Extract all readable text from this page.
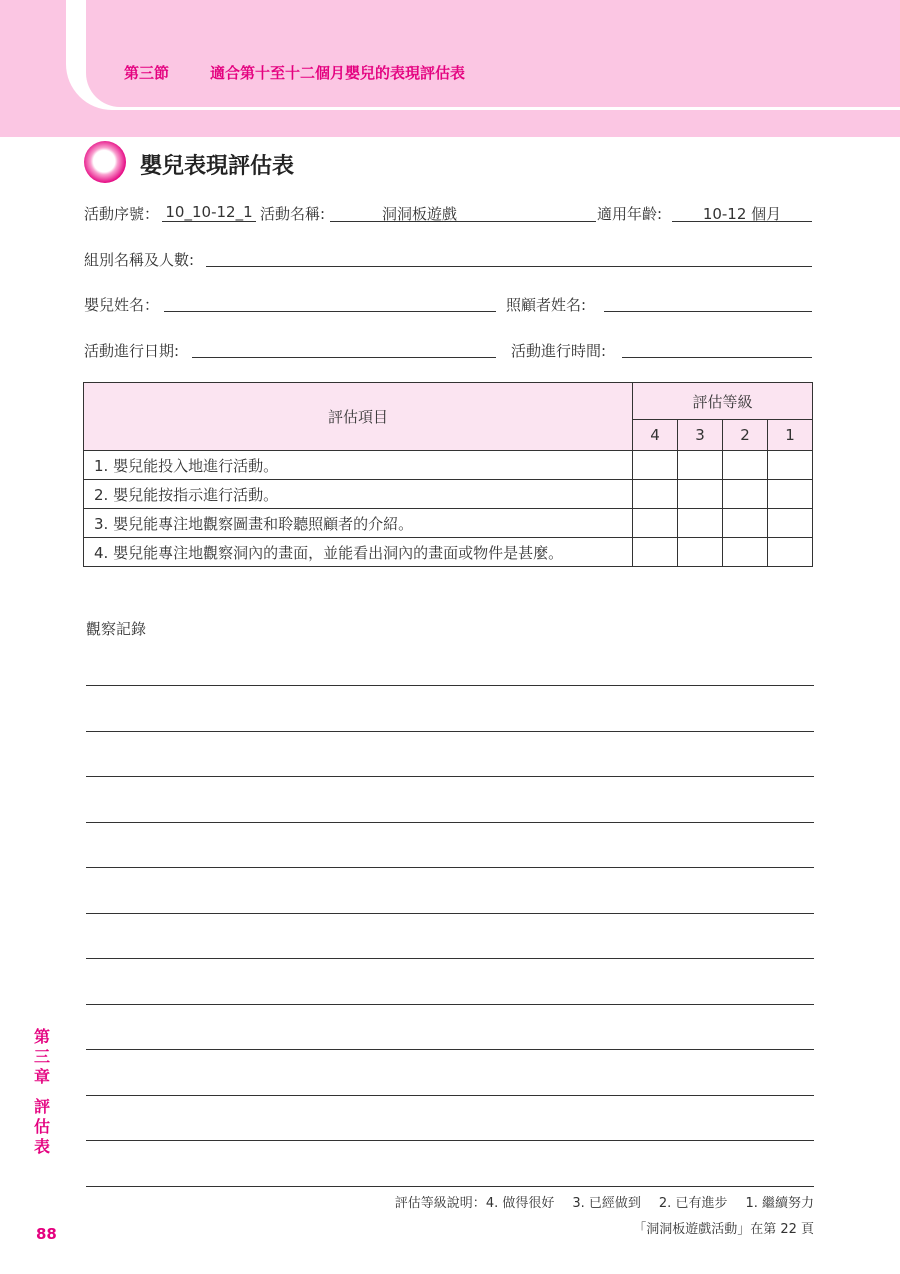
第三節	適合第十至十二個月嬰兒的表現評估表
嬰兒表現評估表
活動序號： 10_10-12_1 活動名稱:	洞洞板遊戲	適用年齡:	10-12 個月
組別名稱及人數:
嬰兒姓名：	照顧者姓名:
活動進行日期:	活動進行時間:
評估項目	評估等級			
	4	3	2	1
1. 嬰兒能投入地進行活動。				
2. 嬰兒能按指示進行活動。				
3. 嬰兒能專注地觀察圖畫和聆聽照顧者的介紹。				
4. 嬰兒能專注地觀察洞內的畫面，並能看出洞內的畫面或物件是甚麼。				
觀察記錄
評估等級說明：4. 做得很好 3. 已經做到 2. 已有進步 1. 繼續努力
「洞洞板遊戲活動」在第 22 頁
第三章
評估表
88
